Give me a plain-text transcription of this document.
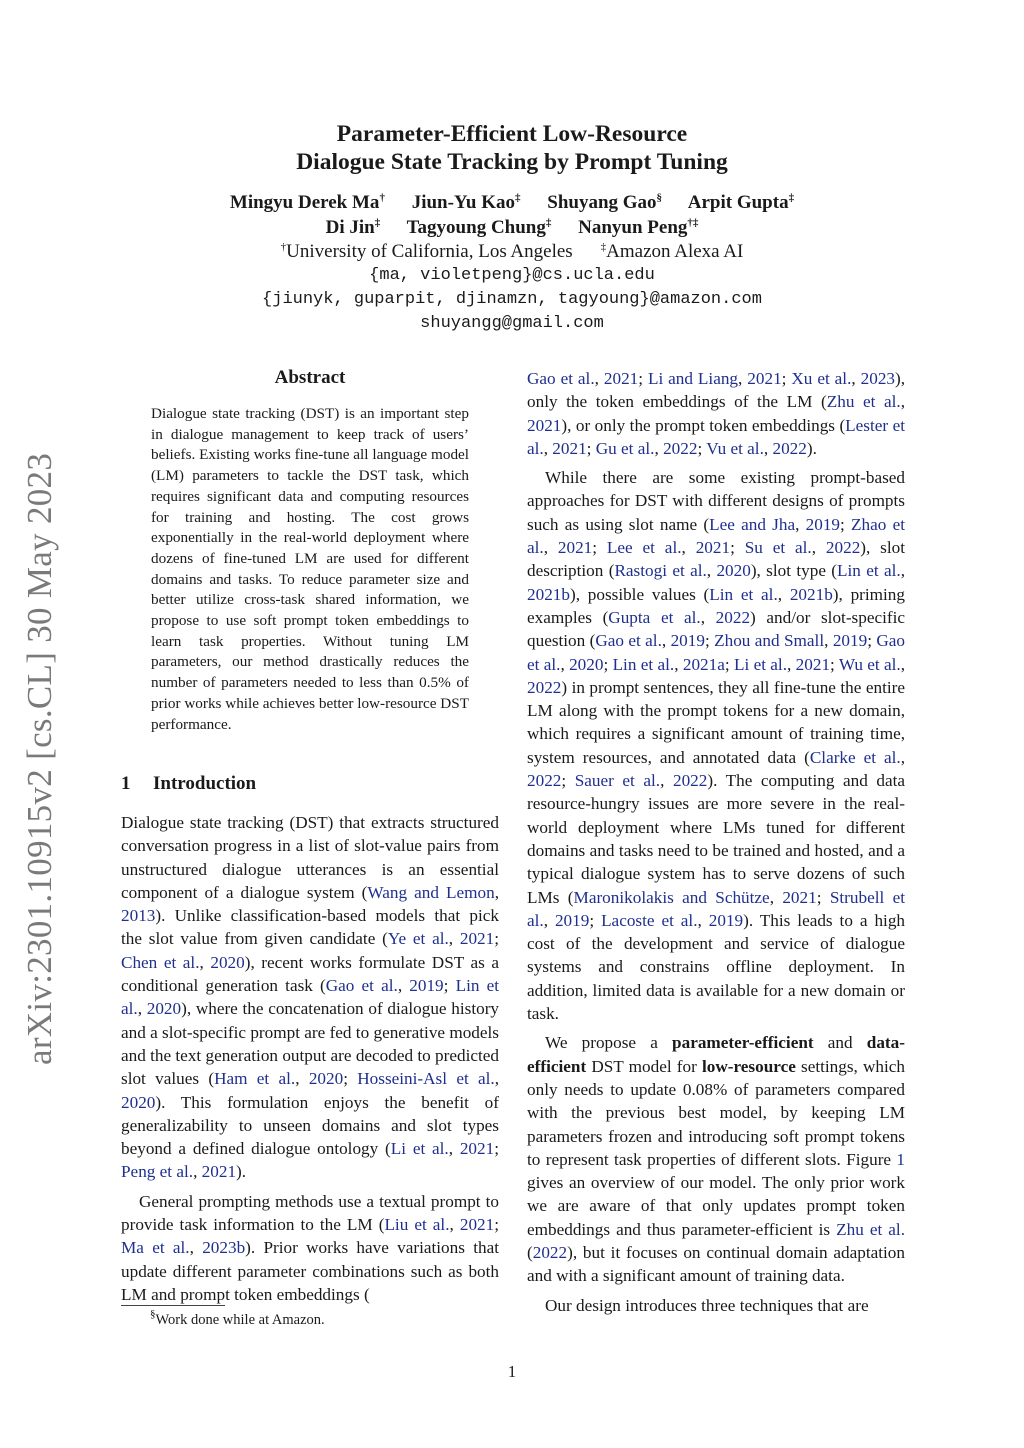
arXiv:2301.10915v2 [cs.CL] 30 May 2023
Parameter-Efficient Low-Resource
Dialogue State Tracking by Prompt Tuning
Mingyu Derek Ma† Jiun-Yu Kao‡ Shuyang Gao§ Arpit Gupta‡
Di Jin‡ Tagyoung Chung‡ Nanyun Peng†‡
†University of California, Los Angeles	‡Amazon Alexa AI
{ma, violetpeng}@cs.ucla.edu
{jiunyk, guparpit, djinamzn, tagyoung}@amazon.com
shuyangg@gmail.com
Abstract

Dialogue state tracking (DST) is an important step in dialogue management to keep track of users’ beliefs. Existing works fine-tune all language model (LM) parameters to tackle the DST task, which requires significant data and computing resources for training and hosting. The cost grows exponentially in the real-world deployment where dozens of fine-tuned LM are used for different domains and tasks. To reduce parameter size and better utilize cross-task shared information, we propose to use soft prompt token embeddings to learn task properties. Without tuning LM parameters, our method drastically reduces the number of parameters needed to less than 0.5% of prior works while achieves better low-resource DST performance.

1 Introduction

Dialogue state tracking (DST) that extracts structured conversation progress in a list of slot-value pairs from unstructured dialogue utterances is an essential component of a dialogue system (Wang and Lemon, 2013). Unlike classification-based models that pick the slot value from given candidate (Ye et al., 2021; Chen et al., 2020), recent works formulate DST as a conditional generation task (Gao et al., 2019; Lin et al., 2020), where the concatenation of dialogue history and a slot-specific prompt are fed to generative models and the text generation output are decoded to predicted slot values (Ham et al., 2020; Hosseini-Asl et al., 2020). This formulation enjoys the benefit of generalizability to unseen domains and slot types beyond a defined dialogue ontology (Li et al., 2021; Peng et al., 2021).

General prompting methods use a textual prompt to provide task information to the LM (Liu et al., 2021; Ma et al., 2023b). Prior works have variations that update different parameter combinations such as both LM and prompt token embeddings (

Gao et al., 2021; Li and Liang, 2021; Xu et al., 2023), only the token embeddings of the LM (Zhu et al., 2021), or only the prompt token embeddings (Lester et al., 2021; Gu et al., 2022; Vu et al., 2022).

While there are some existing prompt-based approaches for DST with different designs of prompts such as using slot name (Lee and Jha, 2019; Zhao et al., 2021; Lee et al., 2021; Su et al., 2022), slot description (Rastogi et al., 2020), slot type (Lin et al., 2021b), possible values (Lin et al., 2021b), priming examples (Gupta et al., 2022) and/or slot-specific question (Gao et al., 2019; Zhou and Small, 2019; Gao et al., 2020; Lin et al., 2021a; Li et al., 2021; Wu et al., 2022) in prompt sentences, they all fine-tune the entire LM along with the prompt tokens for a new domain, which requires a significant amount of training time, system resources, and annotated data (Clarke et al., 2022; Sauer et al., 2022). The computing and data resource-hungry issues are more severe in the real-world deployment where LMs tuned for different domains and tasks need to be trained and hosted, and a typical dialogue system has to serve dozens of such LMs (Maronikolakis and Schütze, 2021; Strubell et al., 2019; Lacoste et al., 2019). This leads to a high cost of the development and service of dialogue systems and constrains offline deployment. In addition, limited data is available for a new domain or task.

We propose a parameter-efficient and data-efficient DST model for low-resource settings, which only needs to update 0.08% of parameters compared with the previous best model, by keeping LM parameters frozen and introducing soft prompt tokens to represent task properties of different slots. Figure 1 gives an overview of our model. The only prior work we are aware of that only updates prompt token embeddings and thus parameter-efficient is Zhu et al. (2022), but it focuses on continual domain adaptation and with a significant amount of training data.

Our design introduces three techniques that are

§Work done while at Amazon.
1
